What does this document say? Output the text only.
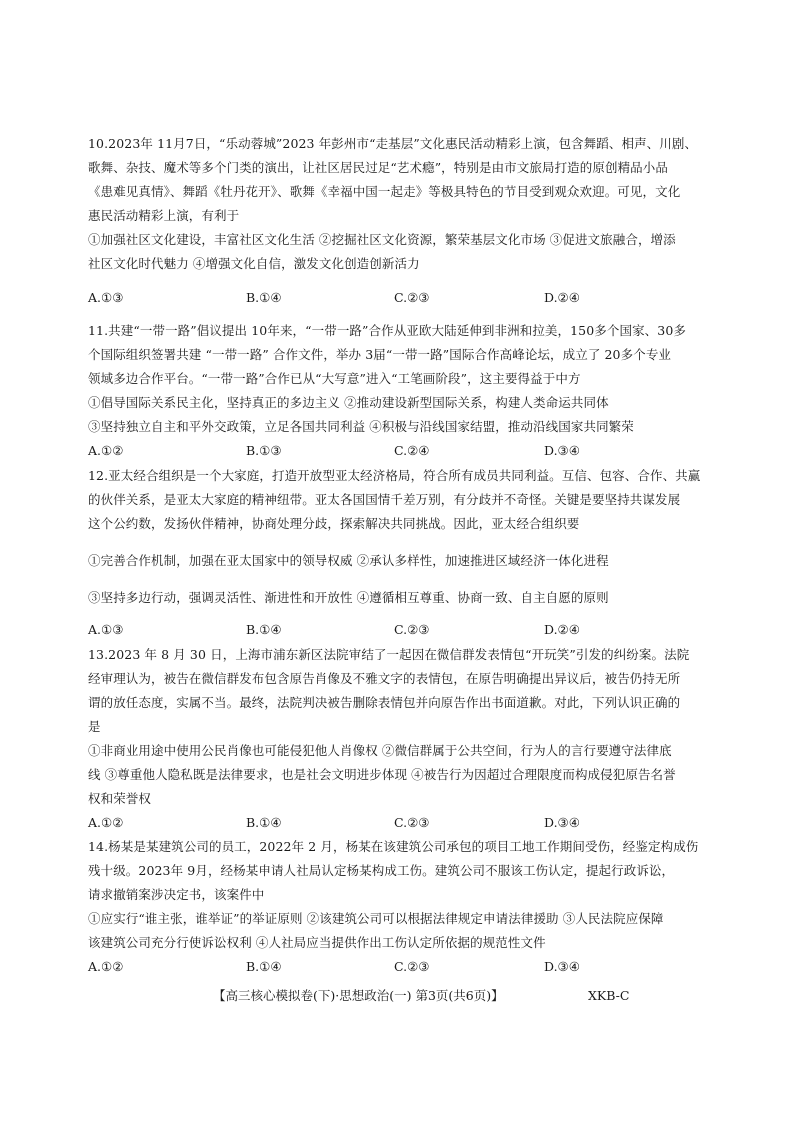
10.2023年 11月7日，“乐动蓉城”2023 年彭州市“走基层”文化惠民活动精彩上演，包含舞蹈、相声、川剧、
歌舞、杂技、魔术等多个门类的演出，让社区居民过足“艺术瘾”，特别是由市文旅局打造的原创精品小品
《患难见真情》、舞蹈《牡丹花开》、歌舞《幸福中国一起走》等极具特色的节目受到观众欢迎。可见，文化
惠民活动精彩上演，有利于
①加强社区文化建设，丰富社区文化生活 ②挖掘社区文化资源，繁荣基层文化市场 ③促进文旅融合，增添
社区文化时代魅力 ④增强文化自信，激发文化创造创新活力
A.①③	B.①④	C.②③	D.②④
11.共建“一带一路”倡议提出 10年来，“一带一路”合作从亚欧大陆延伸到非洲和拉美，150多个国家、30多
个国际组织签署共建 “一带一路” 合作文件，举办 3届“一带一路”国际合作高峰论坛，成立了 20多个专业
领域多边合作平台。“一带一路”合作已从“大写意”进入“工笔画阶段”，这主要得益于中方
①倡导国际关系民主化，坚持真正的多边主义 ②推动建设新型国际关系，构建人类命运共同体
③坚持独立自主和平外交政策，立足各国共同利益 ④积极与沿线国家结盟，推动沿线国家共同繁荣
A.①②	B.①③	C.②④	D.③④
12.亚太经合组织是一个大家庭，打造开放型亚太经济格局，符合所有成员共同利益。互信、包容、合作、共赢
的伙伴关系，是亚太大家庭的精神纽带。亚太各国国情千差万别，有分歧并不奇怪。关键是要坚持共谋发展
这个公约数，发扬伙伴精神，协商处理分歧，探索解决共同挑战。因此，亚太经合组织要
①完善合作机制，加强在亚太国家中的领导权威 ②承认多样性，加速推进区域经济一体化进程
③坚持多边行动，强调灵活性、渐进性和开放性 ④遵循相互尊重、协商一致、自主自愿的原则
A.①③	B.①④	C.②③	D.②④
13.2023 年 8 月 30 日，上海市浦东新区法院审结了一起因在微信群发表情包“开玩笑”引发的纠纷案。法院
经审理认为，被告在微信群发布包含原告肖像及不雅文字的表情包，在原告明确提出异议后，被告仍持无所
谓的放任态度，实属不当。最终，法院判决被告删除表情包并向原告作出书面道歉。对此，下列认识正确的
是
①非商业用途中使用公民肖像也可能侵犯他人肖像权 ②微信群属于公共空间，行为人的言行要遵守法律底
线 ③尊重他人隐私既是法律要求，也是社会文明进步体现 ④被告行为因超过合理限度而构成侵犯原告名誉
权和荣誉权
A.①②	B.①④	C.②③	D.③④
14.杨某是某建筑公司的员工，2022年 2 月，杨某在该建筑公司承包的项目工地工作期间受伤，经鉴定构成伤
残十级。2023年 9月，经杨某申请人社局认定杨某构成工伤。建筑公司不服该工伤认定，提起行政诉讼，
请求撤销案涉决定书，该案件中
①应实行“谁主张，谁举证”的举证原则 ②该建筑公司可以根据法律规定申请法律援助 ③人民法院应保障
该建筑公司充分行使诉讼权利 ④人社局应当提供作出工伤认定所依据的规范性文件
A.①②	B.①④	C.②③	D.③④
【高三核心模拟卷(下)·思想政治(一) 第3页(共6页)】	XKB-C
